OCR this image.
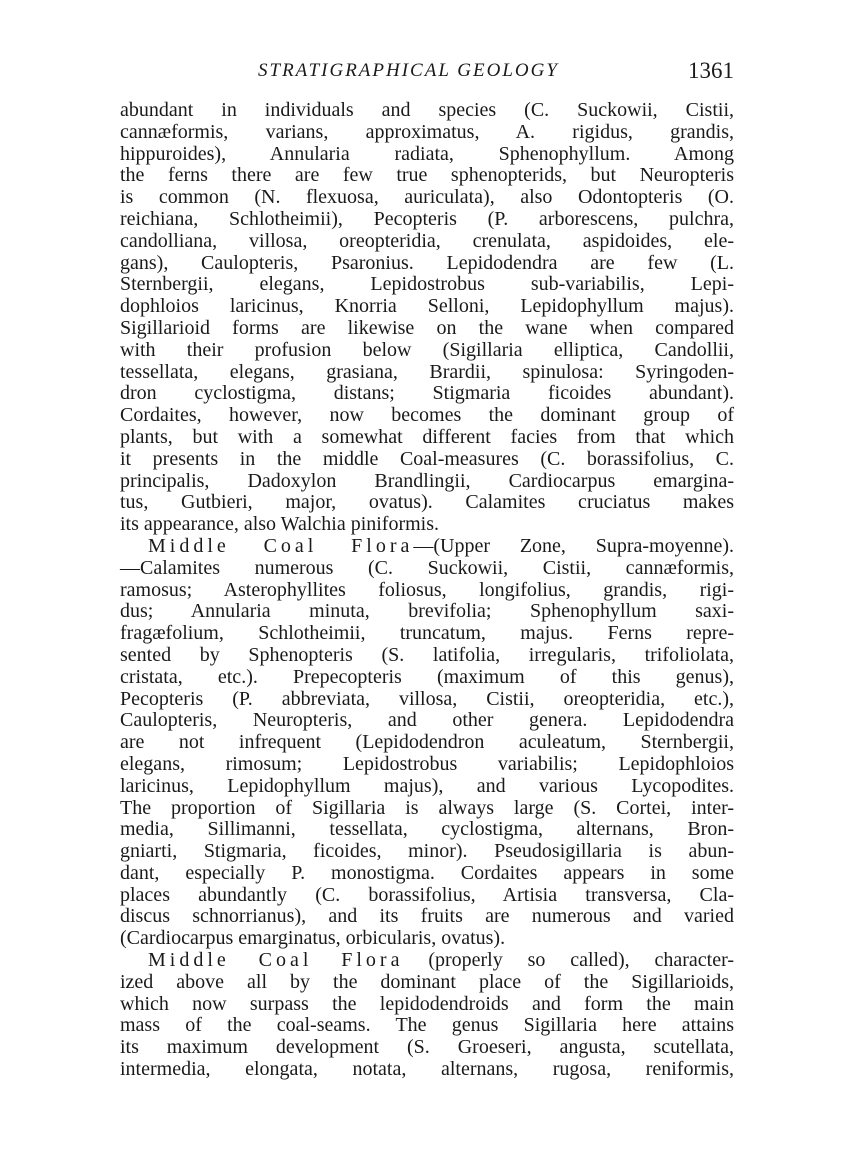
STRATIGRAPHICAL GEOLOGY	1361
abundant in individuals and species (C. Suckowii, Cistii,
cannæformis, varians, approximatus, A. rigidus, grandis,
hippuroides), Annularia radiata, Sphenophyllum. Among
the ferns there are few true sphenopterids, but Neuropteris
is common (N. flexuosa, auriculata), also Odontopteris (O.
reichiana, Schlotheimii), Pecopteris (P. arborescens, pulchra,
candolliana, villosa, oreopteridia, crenulata, aspidoides, ele-
gans), Caulopteris, Psaronius. Lepidodendra are few (L.
Sternbergii, elegans, Lepidostrobus sub-variabilis, Lepi-
dophloios laricinus, Knorria Selloni, Lepidophyllum majus).
Sigillarioid forms are likewise on the wane when compared
with their profusion below (Sigillaria elliptica, Candollii,
tessellata, elegans, grasiana, Brardii, spinulosa: Syringoden-
dron cyclostigma, distans; Stigmaria ficoides abundant).
Cordaites, however, now becomes the dominant group of
plants, but with a somewhat different facies from that which
it presents in the middle Coal-measures (C. borassifolius, C.
principalis, Dadoxylon Brandlingii, Cardiocarpus emargina-
tus, Gutbieri, major, ovatus). Calamites cruciatus makes
its appearance, also Walchia piniformis.
Middle Coal Flora—(Upper Zone, Supra-moyenne).
—Calamites numerous (C. Suckowii, Cistii, cannæformis,
ramosus; Asterophyllites foliosus, longifolius, grandis, rigi-
dus; Annularia minuta, brevifolia; Sphenophyllum saxi-
fragæfolium, Schlotheimii, truncatum, majus. Ferns repre-
sented by Sphenopteris (S. latifolia, irregularis, trifoliolata,
cristata, etc.). Prepecopteris (maximum of this genus),
Pecopteris (P. abbreviata, villosa, Cistii, oreopteridia, etc.),
Caulopteris, Neuropteris, and other genera. Lepidodendra
are not infrequent (Lepidodendron aculeatum, Sternbergii,
elegans, rimosum; Lepidostrobus variabilis; Lepidophloios
laricinus, Lepidophyllum majus), and various Lycopodites.
The proportion of Sigillaria is always large (S. Cortei, inter-
media, Sillimanni, tessellata, cyclostigma, alternans, Bron-
gniarti, Stigmaria, ficoides, minor). Pseudosigillaria is abun-
dant, especially P. monostigma. Cordaites appears in some
places abundantly (C. borassifolius, Artisia transversa, Cla-
discus schnorrianus), and its fruits are numerous and varied
(Cardiocarpus emarginatus, orbicularis, ovatus).
Middle Coal Flora (properly so called), character-
ized above all by the dominant place of the Sigillarioids,
which now surpass the lepidodendroids and form the main
mass of the coal-seams. The genus Sigillaria here attains
its maximum development (S. Groeseri, angusta, scutellata,
intermedia, elongata, notata, alternans, rugosa, reniformis,
